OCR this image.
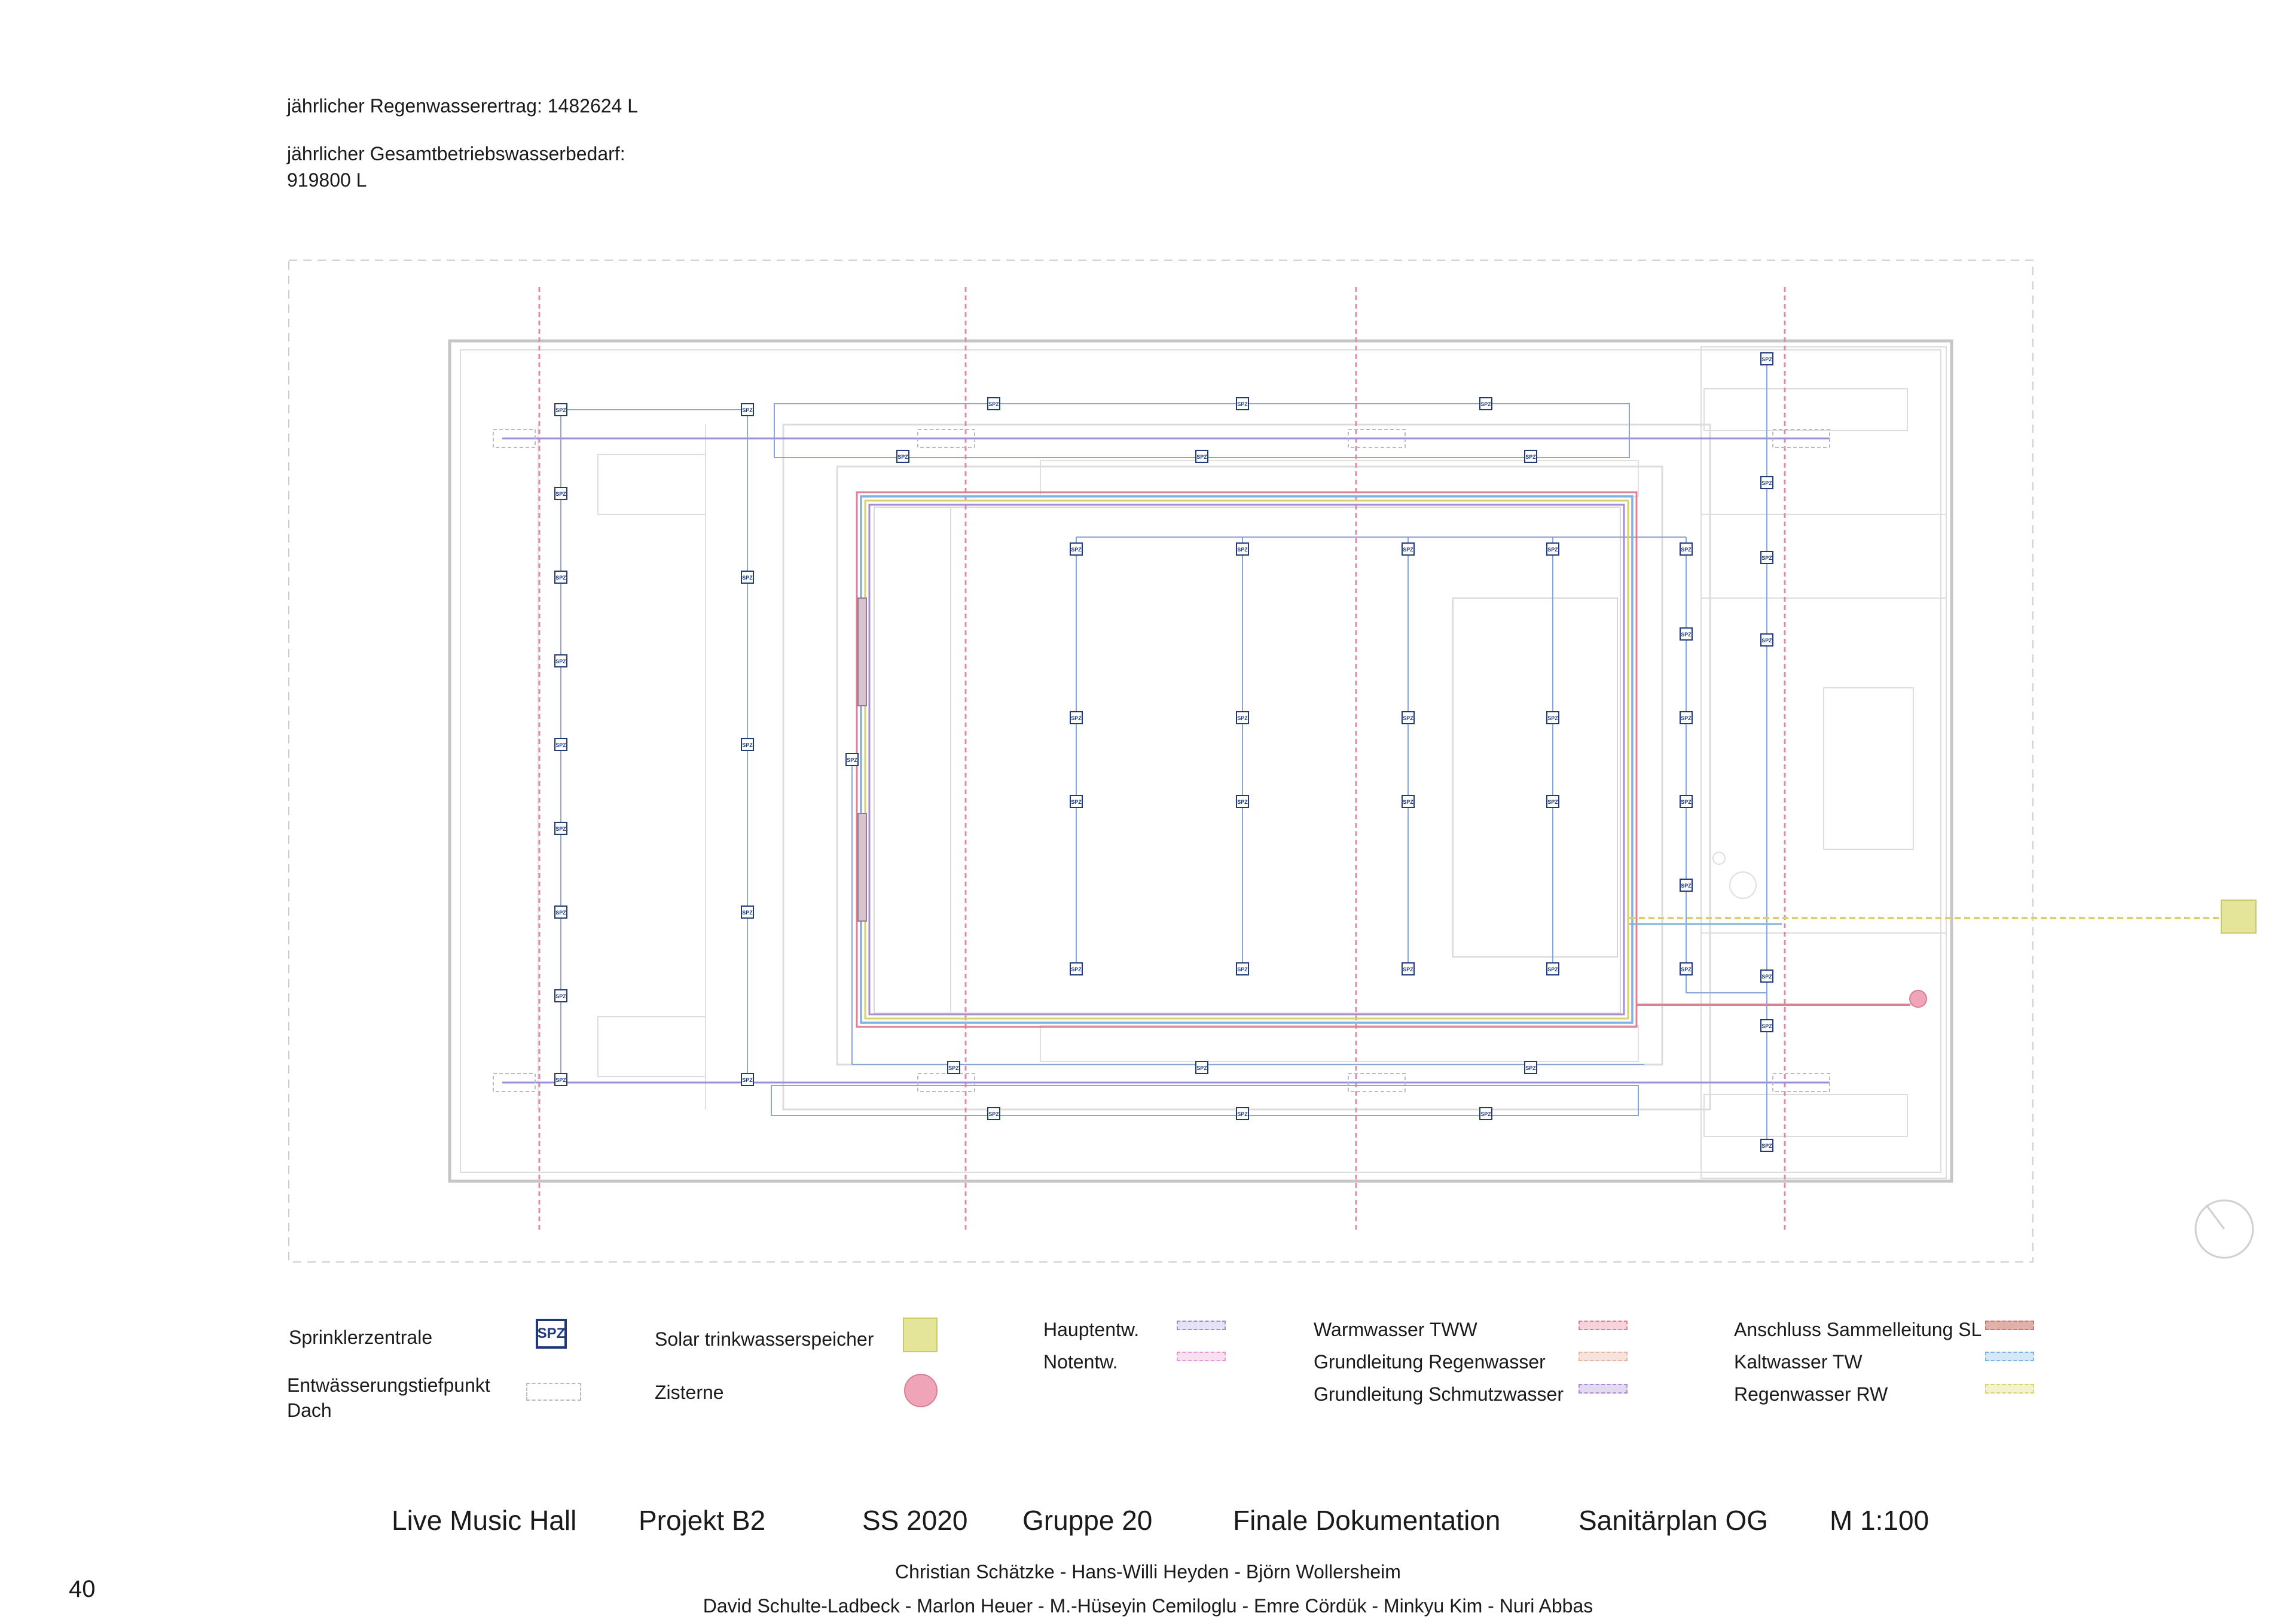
jährlicher Regenwasserertrag: 1482624 L
jährlicher Gesamtbetriebswasserbedarf:
919800 L
SPZ
SPZ	SPZ
SPZ	SPZ	SPZ
SPZ	SPZ	SPZ
SPZ
SPZ
SPZ	SPZ
SPZ	SPZ	SPZ	SPZ	SPZ
SPZ
SPZ
SPZ
SPZ
SPZ	SPZ
SPZ
SPZ	SPZ	SPZ	SPZ	SPZ
SPZ
SPZ	SPZ	SPZ	SPZ	SPZ
SPZ	SPZ
SPZ
SPZ
SPZ	SPZ	SPZ	SPZ	SPZ
SPZ
SPZ
SPZ	SPZ
SPZ	SPZ	SPZ
SPZ	SPZ	SPZ
SPZ
Sprinklerzentrale	SPZ
Entwässerungstiefpunkt
Dach
Solar trinkwasserspeicher
Zisterne
Hauptentw.
Notentw.
Warmwasser TWW
Grundleitung Regenwasser
Grundleitung Schmutzwasser
Anschluss Sammelleitung SL
Kaltwasser TW
Regenwasser RW
Live Music Hall Projekt B2	SS 2020 Gruppe 20	Finale Dokumentation	Sanitärplan OG M 1:100
Christian Schätzke - Hans-Willi Heyden - Björn Wollersheim
David Schulte-Ladbeck - Marlon Heuer - M.-Hüseyin Cemiloglu - Emre Cördük - Minkyu Kim - Nuri Abbas
40
